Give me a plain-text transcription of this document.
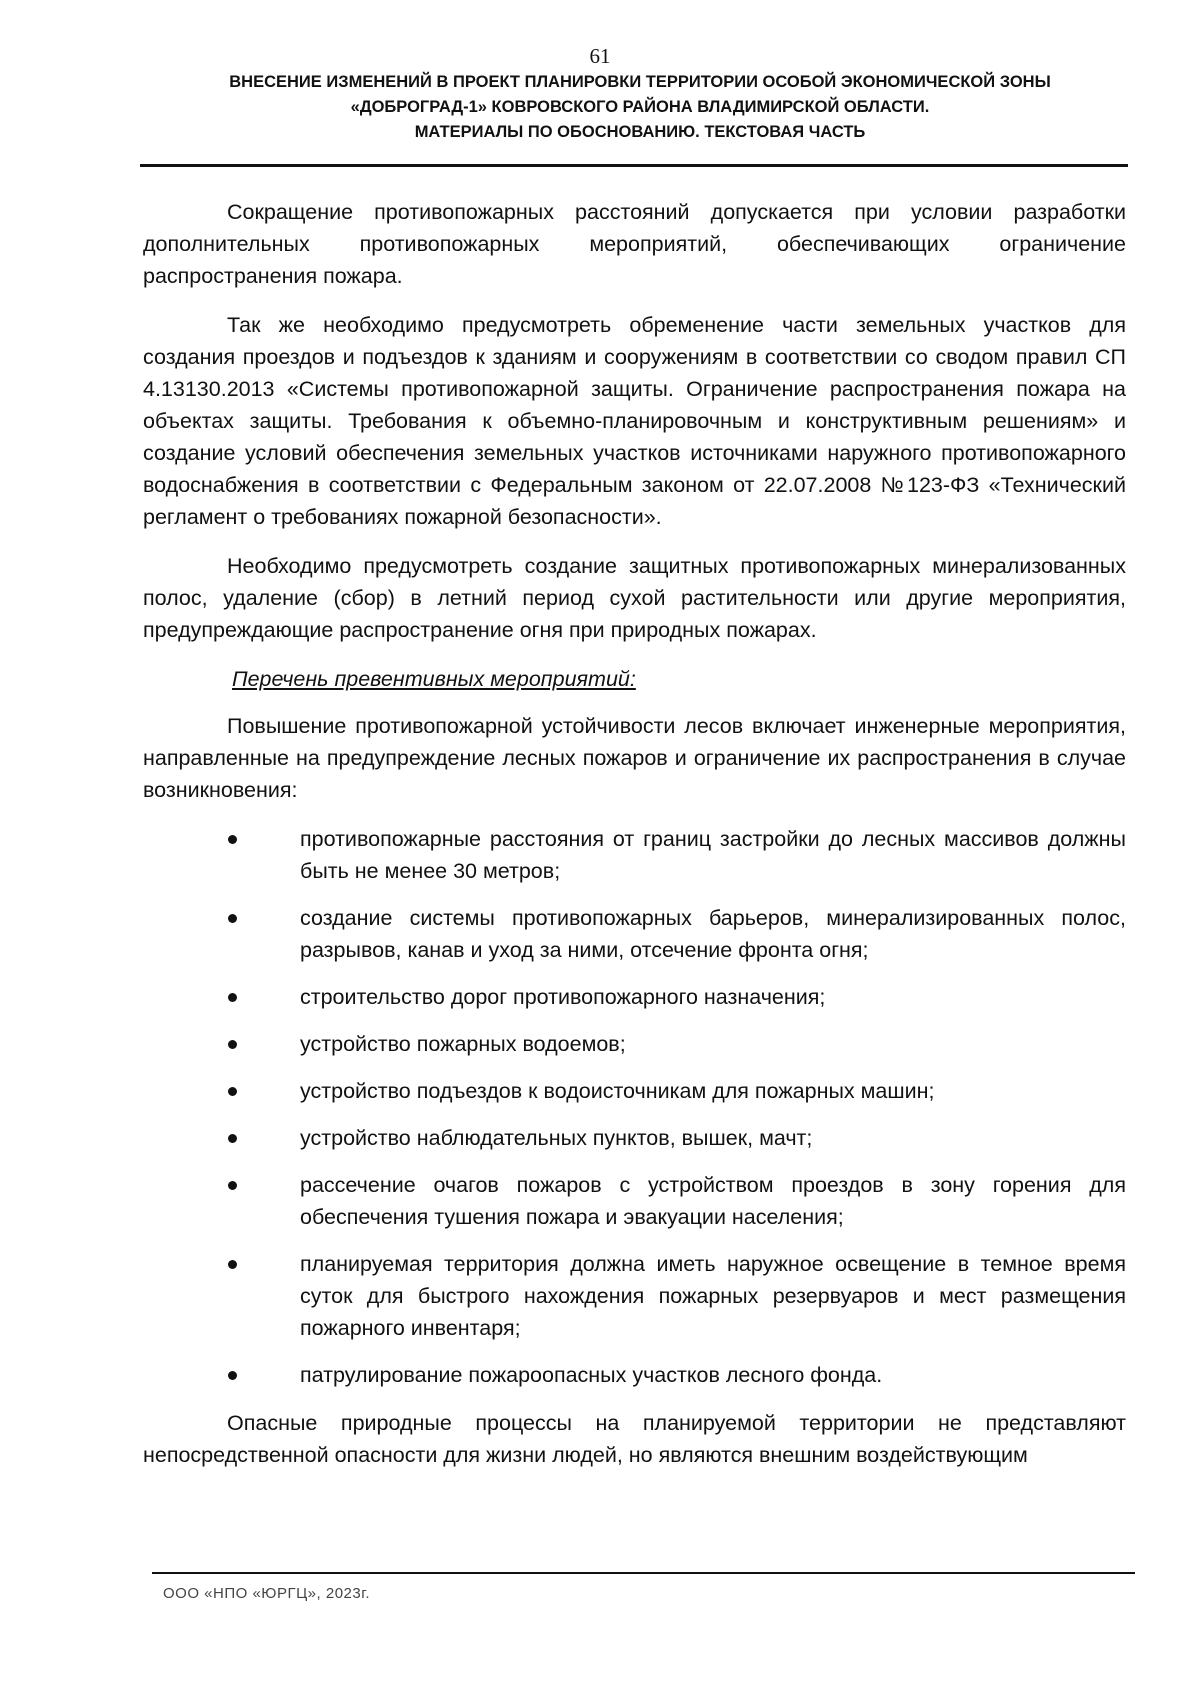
61
ВНЕСЕНИЕ ИЗМЕНЕНИЙ В ПРОЕКТ ПЛАНИРОВКИ ТЕРРИТОРИИ ОСОБОЙ ЭКОНОМИЧЕСКОЙ ЗОНЫ
«ДОБРОГРАД-1» КОВРОВСКОГО РАЙОНА ВЛАДИМИРСКОЙ ОБЛАСТИ.
МАТЕРИАЛЫ ПО ОБОСНОВАНИЮ. ТЕКСТОВАЯ ЧАСТЬ

Сокращение противопожарных расстояний допускается при условии разработки дополнительных противопожарных мероприятий, обеспечивающих ограничение распространения пожара.

Так же необходимо предусмотреть обременение части земельных участков для создания проездов и подъездов к зданиям и сооружениям в соответствии со сводом правил СП 4.13130.2013 «Системы противопожарной защиты. Ограничение распространения пожара на объектах защиты. Требования к объемно-планировочным и конструктивным решениям» и создание условий обеспечения земельных участков источниками наружного противопожарного водоснабжения в соответствии с Федеральным законом от 22.07.2008 №123-ФЗ «Технический регламент о требованиях пожарной безопасности».

Необходимо предусмотреть создание защитных противопожарных минерализованных полос, удаление (сбор) в летний период сухой растительности или другие мероприятия, предупреждающие распространение огня при природных пожарах.

Перечень превентивных мероприятий:

Повышение противопожарной устойчивости лесов включает инженерные мероприятия, направленные на предупреждение лесных пожаров и ограничение их распространения в случае возникновения:

противопожарные расстояния от границ застройки до лесных массивов должны быть не менее 30 метров;
создание системы противопожарных барьеров, минерализированных полос, разрывов, канав и уход за ними, отсечение фронта огня;
строительство дорог противопожарного назначения;
устройство пожарных водоемов;
устройство подъездов к водоисточникам для пожарных машин;
устройство наблюдательных пунктов, вышек, мачт;
рассечение очагов пожаров с устройством проездов в зону горения для обеспечения тушения пожара и эвакуации населения;
планируемая территория должна иметь наружное освещение в темное время суток для быстрого нахождения пожарных резервуаров и мест размещения пожарного инвентаря;
патрулирование пожароопасных участков лесного фонда.

Опасные природные процессы на планируемой территории не представляют непосредственной опасности для жизни людей, но являются внешним воздействующим

ООО «НПО «ЮРГЦ», 2023г.
